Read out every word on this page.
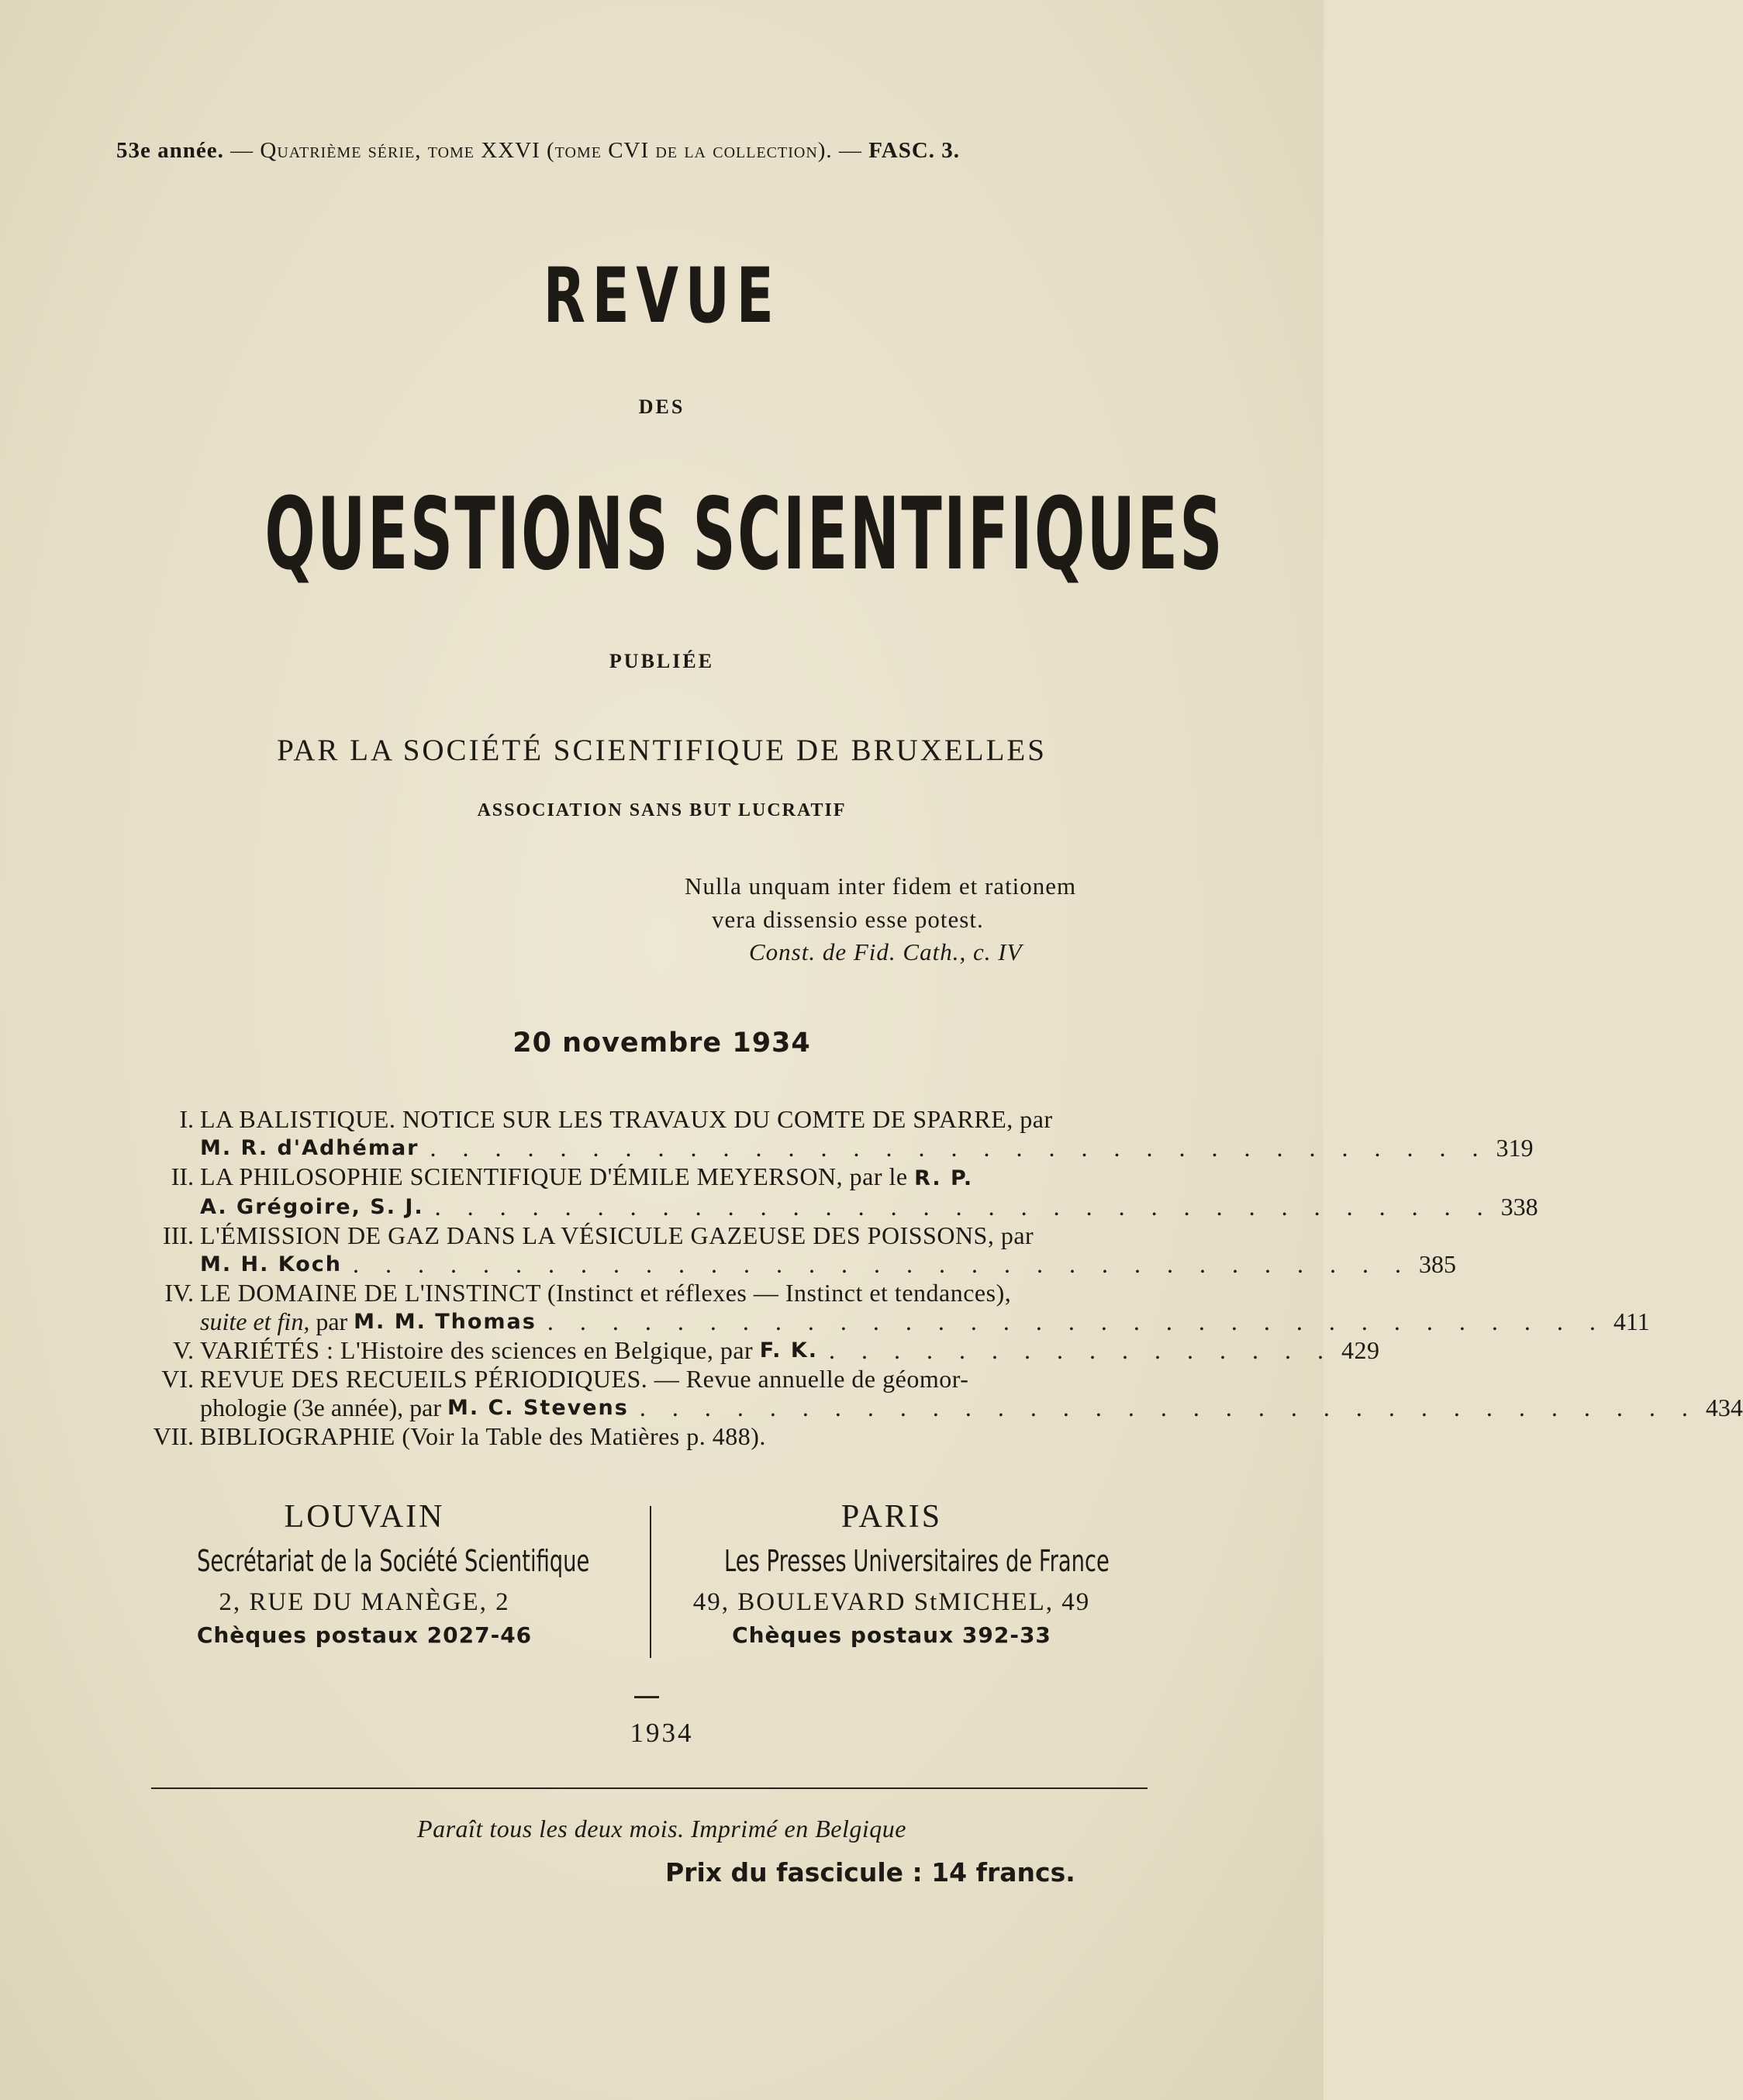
53e année. — Quatrième série, tome XXVI (tome CVI de la collection). — FASC. 3.
REVUE
DES
QUESTIONS SCIENTIFIQUES
PUBLIÉE
PAR LA SOCIÉTÉ SCIENTIFIQUE DE BRUXELLES
ASSOCIATION SANS BUT LUCRATIF
Nulla unquam inter fidem et rationem
vera dissensio esse potest.
Const. de Fid. Cath., c. IV
20 novembre 1934
I. LA BALISTIQUE. NOTICE SUR LES TRAVAUX DU COMTE DE SPARRE, par
M. R. d'Adhémar . . . . . . . . . . . . . . . . . . . . . . . . . . . . . . . . . 319
II. LA PHILOSOPHIE SCIENTIFIQUE D'ÉMILE MEYERSON, par le R. P.
A. Grégoire, S. J. . . . . . . . . . . . . . . . . . . . . . . . . . . . . . . . . . 338
III. L'ÉMISSION DE GAZ DANS LA VÉSICULE GAZEUSE DES POISSONS, par
M. H. Koch . . . . . . . . . . . . . . . . . . . . . . . . . . . . . . . . . 385
IV. LE DOMAINE DE L'INSTINCT (Instinct et réflexes — Instinct et tendances),
suite et fin,
par
M. M. Thomas . . . . . . . . . . . . . . . . . . . . . . . . . . . . . . . . . 411
V. VARIÉTÉS : L'Histoire des sciences en Belgique, par
F. K. . . . . . . . . . . . . . . . . 429
VI. REVUE DES RECUEILS PÉRIODIQUES. — Revue annuelle de géomor-
phologie (3e année), par
M. C. Stevens . . . . . . . . . . . . . . . . . . . . . . . . . . . . . . . . . 434
VII. BIBLIOGRAPHIE (Voir la Table des Matières p. 488).
LOUVAIN
Secrétariat de la Société Scientifique
2, RUE DU MANÈGE, 2
Chèques postaux 2027-46
PARIS
Les Presses Universitaires de France
49, BOULEVARD StMICHEL, 49
Chèques postaux 392-33
1934
Paraît tous les deux mois. Imprimé en Belgique
Prix du fascicule : 14 francs.
